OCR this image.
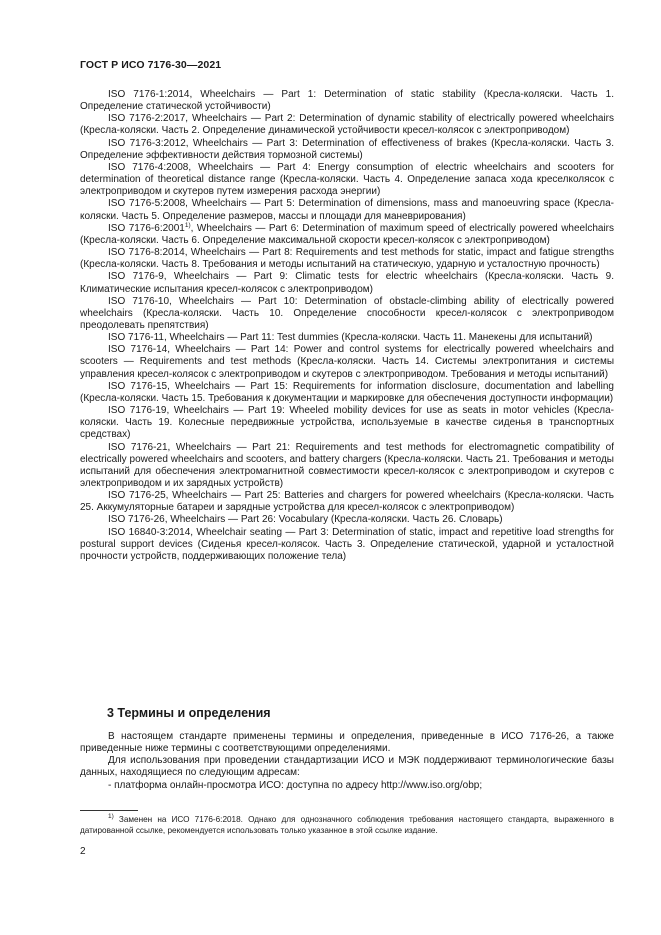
ГОСТ Р ИСО 7176-30—2021

ISO 7176-1:2014, Wheelchairs — Part 1: Determination of static stability (Кресла-коляски. Часть 1. Определение статической устойчивости)

ISO 7176-2:2017, Wheelchairs — Part 2: Determination of dynamic stability of electrically powered wheelchairs (Кресла-коляски. Часть 2. Определение динамической устойчивости кресел-колясок с электроприводом)

ISO 7176-3:2012, Wheelchairs — Part 3: Determination of effectiveness of brakes (Кресла-коляски. Часть 3. Определение эффективности действия тормозной системы)

ISO 7176-4:2008, Wheelchairs — Part 4: Energy consumption of electric wheelchairs and scooters for determination of theoretical distance range (Кресла-коляски. Часть 4. Определение запаса хода креселколясок с электроприводом и скутеров путем измерения расхода энергии)

ISO 7176-5:2008, Wheelchairs — Part 5: Determination of dimensions, mass and manoeuvring space (Кресла-коляски. Часть 5. Определение размеров, массы и площади для маневрирования)

ISO 7176-6:2001$^{1)}$, Wheelchairs — Part 6: Determination of maximum speed of electrically powered wheelchairs (Кресла-коляски. Часть 6. Определение максимальной скорости кресел-колясок с электроприводом)

ISO 7176-8:2014, Wheelchairs — Part 8: Requirements and test methods for static, impact and fatigue strengths (Кресла-коляски. Часть 8. Требования и методы испытаний на статическую, ударную и усталостную прочность)

ISO 7176-9, Wheelchairs — Part 9: Climatic tests for electric wheelchairs (Кресла-коляски. Часть 9. Климатические испытания кресел-колясок с электроприводом)

ISO 7176-10, Wheelchairs — Part 10: Determination of obstacle-climbing ability of electrically powered wheelchairs (Кресла-коляски. Часть 10. Определение способности кресел-колясок с электроприводом преодолевать препятствия)

ISO 7176-11, Wheelchairs — Part 11: Test dummies (Кресла-коляски. Часть 11. Манекены для испытаний)

ISO 7176-14, Wheelchairs — Part 14: Power and control systems for electrically powered wheelchairs and scooters — Requirements and test methods (Кресла-коляски. Часть 14. Системы электропитания и системы управления кресел-колясок с электроприводом и скутеров с электроприводом. Требования и методы испытаний)

ISO 7176-15, Wheelchairs — Part 15: Requirements for information disclosure, documentation and labelling (Кресла-коляски. Часть 15. Требования к документации и маркировке для обеспечения доступности информации)

ISO 7176-19, Wheelchairs — Part 19: Wheeled mobility devices for use as seats in motor vehicles (Кресла-коляски. Часть 19. Колесные передвижные устройства, используемые в качестве сиденья в транспортных средствах)

ISO 7176-21, Wheelchairs — Part 21: Requirements and test methods for electromagnetic compatibility of electrically powered wheelchairs and scooters, and battery chargers (Кресла-коляски. Часть 21. Требования и методы испытаний для обеспечения электромагнитной совместимости кресел-колясок с электроприводом и скутеров с электроприводом и их зарядных устройств)

ISO 7176-25, Wheelchairs — Part 25: Batteries and chargers for powered wheelchairs (Кресла-коляски. Часть 25. Аккумуляторные батареи и зарядные устройства для кресел-колясок с электроприводом)

ISO 7176-26, Wheelchairs — Part 26: Vocabulary (Кресла-коляски. Часть 26. Словарь)

ISO 16840-3:2014, Wheelchair seating — Part 3: Determination of static, impact and repetitive load strengths for postural support devices (Сиденья кресел-колясок. Часть 3. Определение статической, ударной и усталостной прочности устройств, поддерживающих положение тела)

3 Термины и определения

В настоящем стандарте применены термины и определения, приведенные в ИСО 7176-26, а также приведенные ниже термины с соответствующими определениями.

Для использования при проведении стандартизации ИСО и МЭК поддерживают терминологические базы данных, находящиеся по следующим адресам:

- платформа онлайн-просмотра ИСО: доступна по адресу http://www.iso.org/obp;

$^{1)}$ Заменен на ИСО 7176-6:2018. Однако для однозначного соблюдения требования настоящего стандарта, выраженного в датированной ссылке, рекомендуется использовать только указанное в этой ссылке издание.

2
